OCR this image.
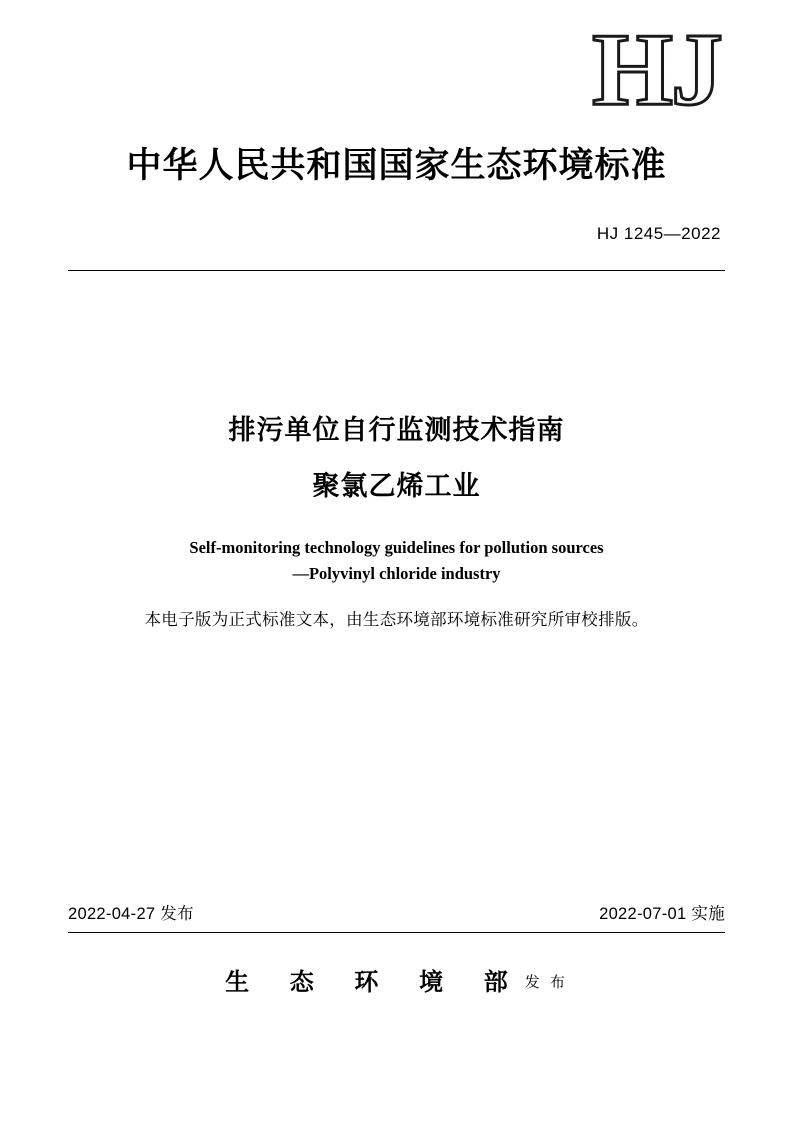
HJ
中华人民共和国国家生态环境标准
HJ 1245—2022
排污单位自行监测技术指南
聚氯乙烯工业
Self-monitoring technology guidelines for pollution sources
—Polyvinyl chloride industry
本电子版为正式标准文本，由生态环境部环境标准研究所审校排版。
2022-04-27 发布	2022-07-01 实施
生 态 环 境 部发 布
